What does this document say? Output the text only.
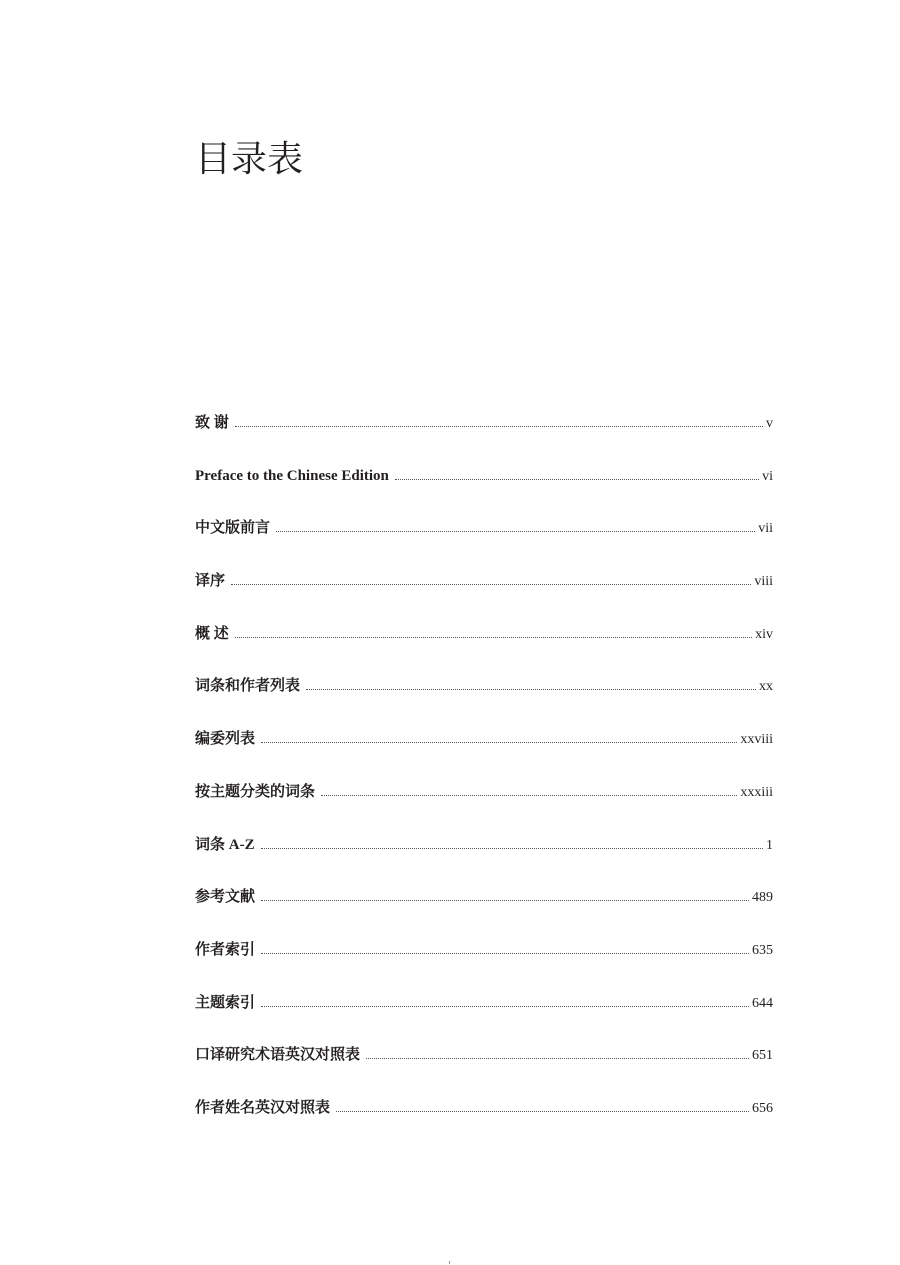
目录表
致 谢	v
Preface to the Chinese Edition	vi
中文版前言	vii
译序	viii
概 述	xiv
词条和作者列表	xx
编委列表	xxviii
按主题分类的词条	xxxiii
词条 A-Z	1
参考文献	489
作者索引	635
主题索引	644
口译研究术语英汉对照表	651
作者姓名英汉对照表	656
